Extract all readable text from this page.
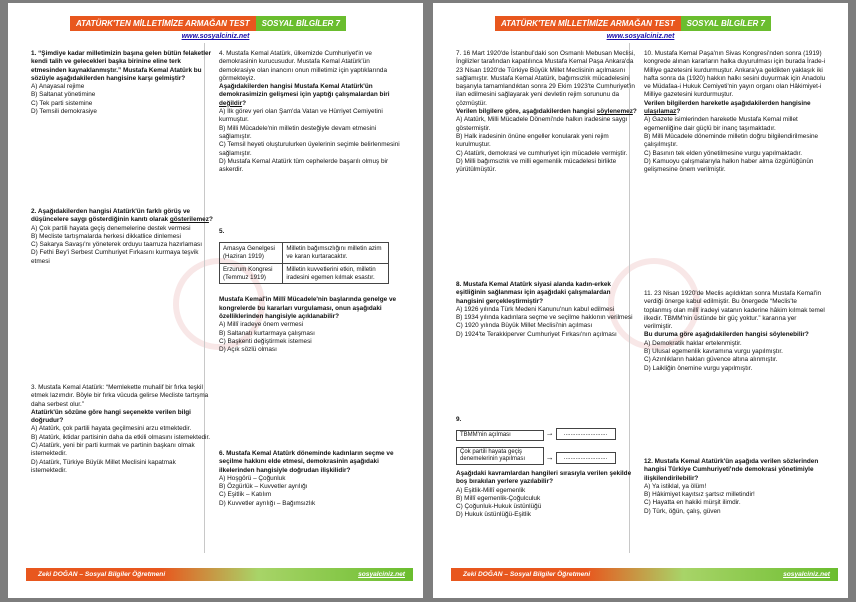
ATATÜRK'TEN MİLLETİMİZE ARMAĞAN TEST	SOSYAL BİLGİLER 7
www.sosyalciniz.net
1. “Şimdiye kadar milletimizin başına gelen bütün felaketler kendi talih ve gelecekleri başka birinine eline terk etmesinden kaynaklanmıştır.” Mustafa Kemal Atatürk bu sözüyle aşağıdakilerden hangisine karşı gelmiştir?
A) Anayasal rejime
B) Saltanat yönetimine
C) Tek parti sistemine
D) Temsili demokrasiye
2. Aşağıdakilerden hangisi Atatürk'ün farklı görüş ve düşüncelere saygı gösterdiğinin kanıtı olarak gösterilemez?
A) Çok partili hayata geçiş denemelerine destek vermesi
B) Mecliste tartışmalarda herkesi dikkatlice dinlemesi
C) Sakarya Savaşı'nı yöneterek orduyu taarruza hazırlaması
D) Fethi Bey'i Serbest Cumhuriyet Fırkasını kurmaya teşvik etmesi
3. Mustafa Kemal Atatürk: “Memlekette muhalif bir fırka teşkil etmek lazımdır. Böyle bir fırka vücuda gelirse Mecliste tartışma daha serbest olur.”
Atatürk'ün sözüne göre hangi seçenekte verilen bilgi doğrudur?
A) Atatürk, çok partili hayata geçilmesini arzu etmektedir.
B) Atatürk, iktidar partisinin daha da etkili olmasını istemektedir.
C) Atatürk, yeni bir parti kurmak ve partinin başkanı olmak istemektedir.
D) Atatürk, Türkiye Büyük Millet Meclisini kapatmak istemektedir.
4. Mustafa Kemal Atatürk, ülkemizde Cumhuriyet'in ve demokrasinin kurucusudur. Mustafa Kemal Atatürk'ün demokrasiye olan inancını onun milletimiz için yaptıklarında görmekteyiz.
Aşağıdakilerden hangisi Mustafa Kemal Atatürk'ün demokrasimizin gelişmesi için yaptığı çalışmalardan biri değildir?
A) İlk görev yeri olan Şam'da Vatan ve Hürriyet Cemiyetini kurmuştur.
B) Milli Mücadele'nin milletin desteğiyle devam etmesini sağlamıştır.
C) Temsil heyeti oluşturulurken üyelerinin seçimle belirlenmesini sağlamıştır.
D) Mustafa Kemal Atatürk tüm cephelerde başarılı olmuş bir askerdir.
5.
Amasya Genelgesi (Haziran 1919)	Milletin bağımsızlığını milletin azim ve karan kurtaracaktır.
Erzurum Kongresi (Temmuz 1919)	Milletin kuvvetlerini etkin, milletin iradesini egemen kılmak esastır.
Mustafa Kemal'in Millî Mücadele'nin başlarında genelge ve kongrelerde bu kararları vurgulaması, onun aşağıdaki özelliklerinden hangisiyle açıklanabilir?
A) Millî iradeye önem vermesi
B) Saltanatı kurtarmaya çalışması
C) Başkenti değiştirmek istemesi
D) Açık sözlü olması
6. Mustafa Kemal Atatürk döneminde kadınların seçme ve seçilme hakkını elde etmesi, demokrasinin aşağıdaki ilkelerinden hangisiyle doğrudan ilişkilidir?
A) Hoşgörü – Çoğunluk
B) Özgürlük – Kuvvetler ayrılığı
C) Eşitlik – Katılım
D) Kuvvetler ayrılığı – Bağımsızlık
Zeki DOĞAN – Sosyal Bilgiler Öğretmeni	sosyalciniz.net
ATATÜRK'TEN MİLLETİMİZE ARMAĞAN TEST	SOSYAL BİLGİLER 7
www.sosyalciniz.net
7. 16 Mart 1920'de İstanbul'daki son Osmanlı Mebusan Meclisi, İngilizler tarafından kapatılınca Mustafa Kemal Paşa Ankara'da 23 Nisan 1920'de Türkiye Büyük Millet Meclisinin açılmasını sağlamıştır. Mustafa Kemal Atatürk, bağımsızlık mücadelesini başarıyla tamamlandıktan sonra 29 Ekim 1923'te Cumhuriyet'in ilan edilmesini sağlayarak yeni devletin rejim sorununu da çözmüştür.
Verilen bilgilere göre, aşağıdakilerden hangisi söylenemez?
A) Atatürk, Milli Mücadele Dönemi'nde halkın iradesine saygı göstermiştir.
B) Halk iradesinin önüne engeller konularak yeni rejim kurulmuştur.
C) Atatürk, demokrasi ve cumhuriyet için mücadele vermiştir.
D) Milli bağımsızlık ve milli egemenlik mücadelesi birlikte yürütülmüştür.
8. Mustafa Kemal Atatürk siyasi alanda kadın-erkek eşitliğinin sağlanması için aşağıdaki çalışmalardan hangisini gerçekleştirmiştir?
A) 1926 yılında Türk Medeni Kanunu'nun kabul edilmesi
B) 1934 yılında kadınlara seçme ve seçilme hakkının verilmesi
C) 1920 yılında Büyük Millet Meclisi'nin açılması
D) 1924'te Terakkiperver Cumhuriyet Fırkası'nın açılması
9.
TBMM'nin açılması	→ ..........................
Çok partili hayata geçiş denemelerinin yapılması	→ ..........................
Aşağıdaki kavramlardan hangileri sırasıyla verilen şekilde boş bırakılan yerlere yazılabilir?
A) Eşitlik-Millî egemenlik
B) Millî egemenlik-Çoğulculuk
C) Çoğunluk-Hukuk üstünlüğü
D) Hukuk üstünlüğü-Eşitlik
10. Mustafa Kemal Paşa'nın Sivas Kongresi'nden sonra (1919) kongrede alınan kararların halka duyurulması için burada İrade-i Milliye gazetesini kurdurmuştur. Ankara'ya geldikten yaklaşık iki hafta sonra da (1920) hakkın halkı sesini duyurmak için Anadolu ve Müdafaa-i Hukuk Cemiyeti'nin yayın organı olan Hâkimiyet-i Milliye gazetesini kurdurmuştur.
Verilen bilgilerden hareketle aşağıdakilerden hangisine ulaşılamaz?
A) Gazete isimlerinden hareketle Mustafa Kemal millet egemenliğine dair güçlü bir inanç taşımaktadır.
B) Milli Mücadele döneminde milletin doğru bilgilendirilmesine çalışılmıştır.
C) Basının tek elden yönetilmesine vurgu yapılmaktadır.
D) Kamuoyu çalışmalarıyla halkın haber alma özgürlüğünün gelişmesine önem verilmiştir.
11. 23 Nisan 1920'de Meclis açıldıktan sonra Mustafa Kemal'in verdiği önerge kabul edilmiştir. Bu önergede “Meclis'te toplanmış olan millî iradeyi vatanın kaderine hâkim kılmak temel ilkedir. TBMM'nin üstünde bir güç yoktur.” kararına yer verilmiştir.
Bu duruma göre aşağıdakilerden hangisi söylenebilir?
A) Demokratik haklar ertelenmiştir.
B) Ulusal egemenlik kavramına vurgu yapılmıştır.
C) Azınlıkların hakları güvence altına alınmıştır.
D) Laikliğin önemine vurgu yapılmıştır.
12. Mustafa Kemal Atatürk'ün aşağıda verilen sözlerinden hangisi Türkiye Cumhuriyeti'nde demokrasi yönetimiyle ilişkilendirilebilir?
A) Ya istiklal, ya ölüm!
B) Hâkimiyet kayıtsız şartsız milletindir!
C) Hayatta en hakiki mürşit ilimdir.
D) Türk, öğün, çalış, güven
Zeki DOĞAN – Sosyal Bilgiler Öğretmeni	sosyalciniz.net
